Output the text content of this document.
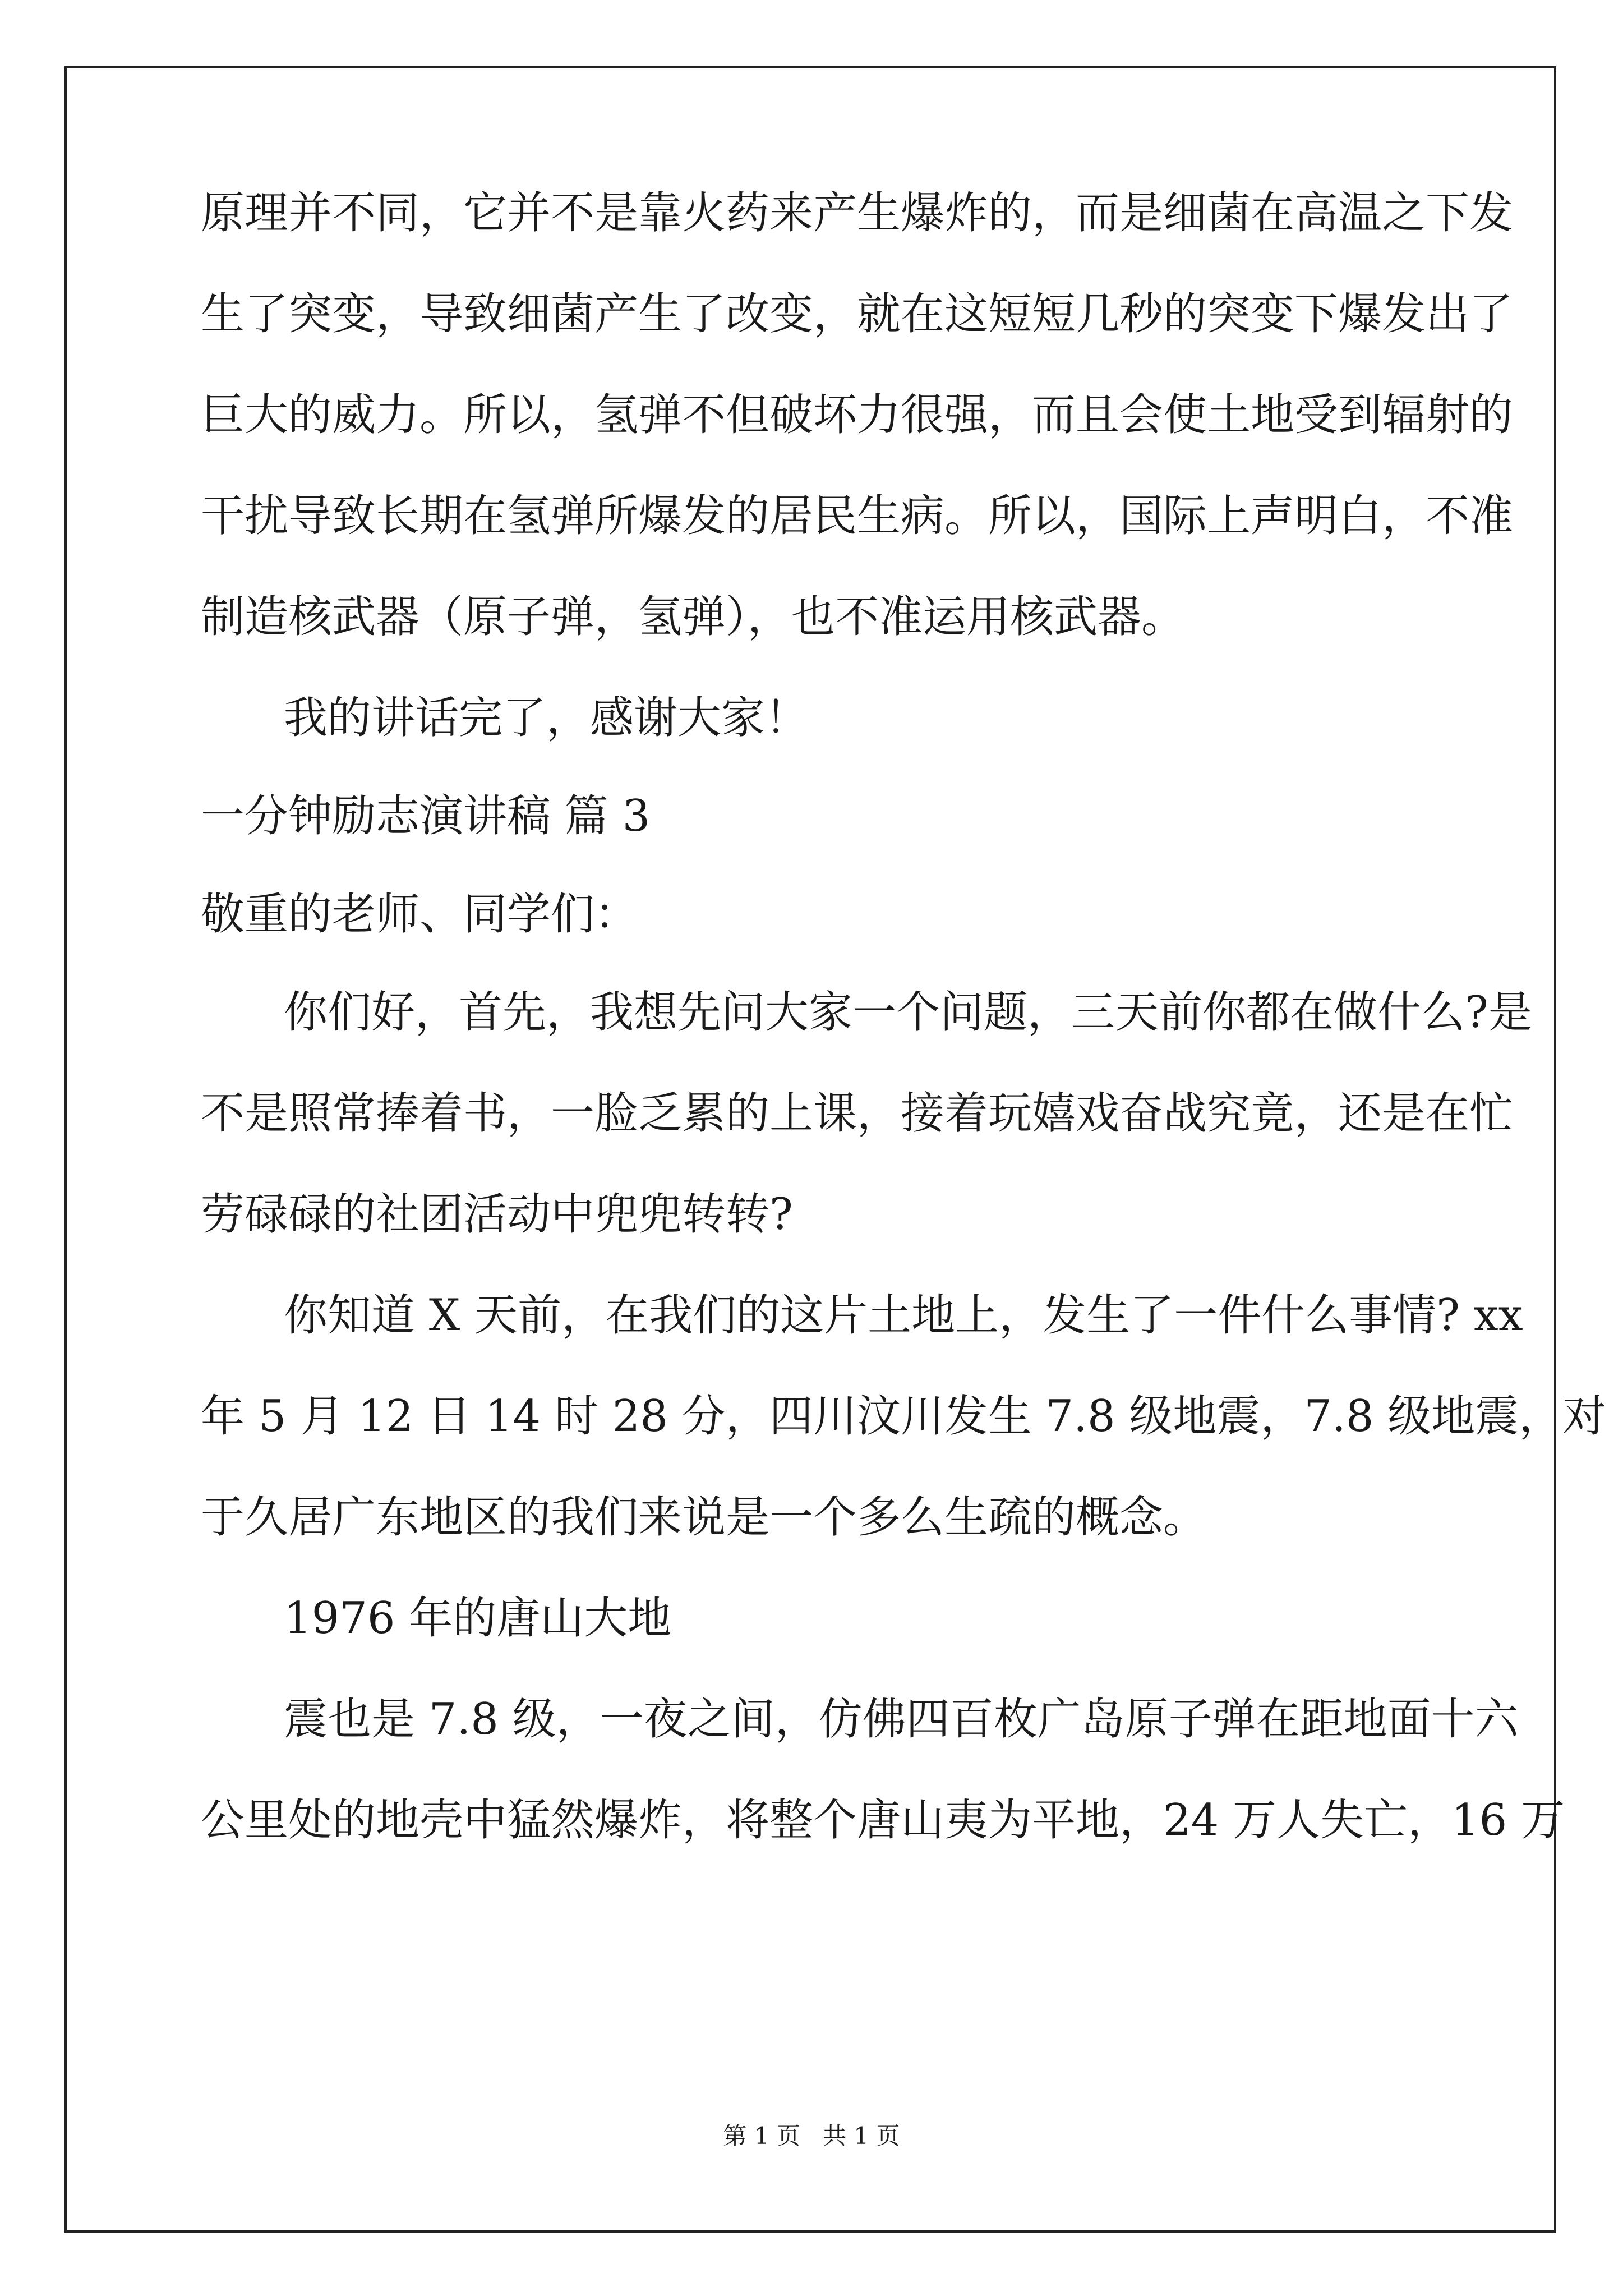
原理并不同，它并不是靠火药来产生爆炸的，而是细菌在高温之下发
生了突变，导致细菌产生了改变，就在这短短几秒的突变下爆发出了
巨大的威力。所以，氢弹不但破坏力很强，而且会使土地受到辐射的
干扰导致长期在氢弹所爆发的居民生病。所以，国际上声明白，不准
制造核武器（原子弹，氢弹），也不准运用核武器。
我的讲话完了，感谢大家！
一分钟励志演讲稿 篇 3
敬重的老师、同学们：
你们好，首先，我想先问大家一个问题，三天前你都在做什么?是
不是照常捧着书，一脸乏累的上课，接着玩嬉戏奋战究竟，还是在忙
劳碌碌的社团活动中兜兜转转?
你知道 X 天前，在我们的这片土地上，发生了一件什么事情? xx
年 5 月 12 日 14 时 28 分，四川汶川发生 7.8 级地震，7.8 级地震，对
于久居广东地区的我们来说是一个多么生疏的概念。
1976 年的唐山大地
震也是 7.8 级，一夜之间，仿佛四百枚广岛原子弹在距地面十六
公里处的地壳中猛然爆炸，将整个唐山夷为平地，24 万人失亡，16 万
第 1 页   共 1 页
